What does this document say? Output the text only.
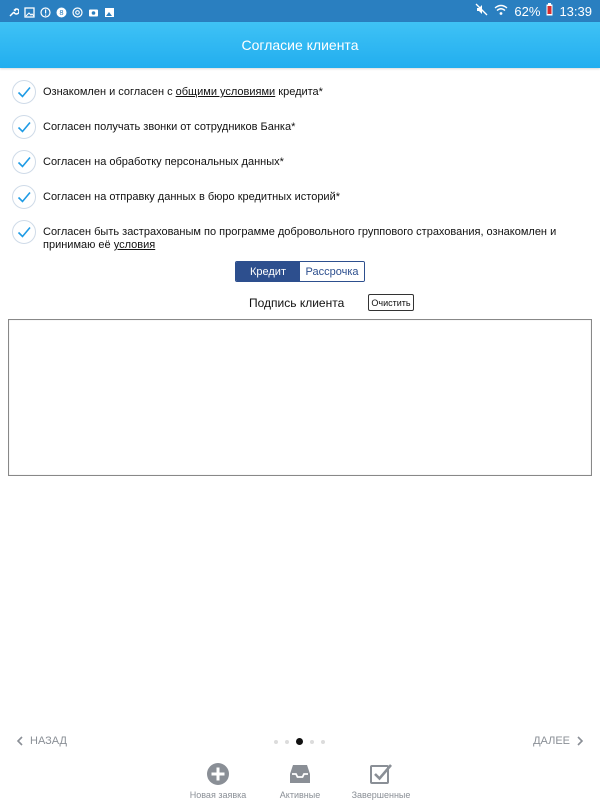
8	62% 13:39
Согласие клиента
Ознакомлен и согласен с общими условиями кредита*
Согласен получать звонки от сотрудников Банка*
Согласен на обработку персональных данных*
Согласен на отправку данных в бюро кредитных историй*
Согласен быть застрахованым по программе добровольного группового страхования, ознакомлен и принимаю её условия
Кредит	Рассрочка
Подпись клиента	Очистить
НАЗАД	ДАЛЕЕ
Новая заявка	Активные	Завершенные
